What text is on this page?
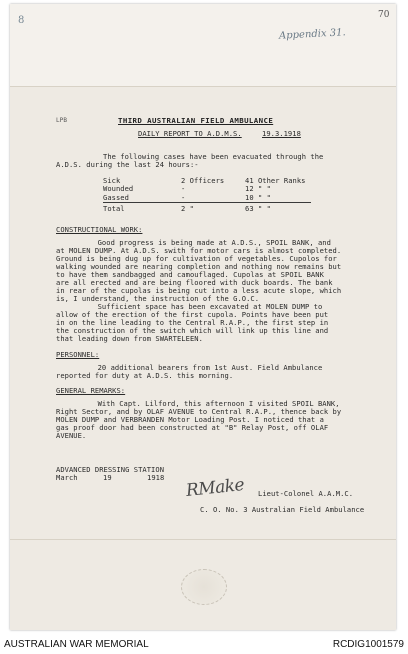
8	70

Appendix 31.

LPB	THIRD AUSTRALIAN FIELD AMBULANCE

DAILY REPORT TO A.D.M.S.	19.3.1918

The following cases have been evacuated through the

A.D.S. during the last 24 hours:-

Sick	2 Officers	41 Other Ranks

Wounded	-	12 " "

Gassed	-	10 " "

Total	2 "	63 " "

CONSTRUCTIONAL WORK:

Good progress is being made at A.D.S., SPOIL BANK, and

at MOLEN DUMP. At A.D.S. swith for motor cars is almost completed.

Ground is being dug up for cultivation of vegetables. Cupolos for

walking wounded are nearing completion and nothing now remains but

to have them sandbagged and camouflaged. Cupolas at SPOIL BANK

are all erected and are being floored with duck boards. The bank

in rear of the cupolas is being cut into a less acute slope, which

is, I understand, the instruction of the G.O.C.

Sufficient space has been excavated at MOLEN DUMP to

allow of the erection of the first cupola. Points have been put

in on the line leading to the Central R.A.P., the first step in

the construction of the switch which will link up this line and

that leading down from SWARTELEEN.

PERSONNEL:

20 additional bearers from 1st Aust. Field Ambulance

reported for duty at A.D.S. this morning.

GENERAL REMARKS:

With Capt. Lilford, this afternoon I visited SPOIL BANK,

Right Sector, and by OLAF AVENUE to Central R.A.P., thence back by

MOLEN DUMP and VERBRANDEN Motor Loading Post. I noticed that a

gas proof door had been constructed at "B" Relay Post, off OLAF

AVENUE.

ADVANCED DRESSING STATION

March	19	1918 RMake Lieut-Colonel A.A.M.C.

C. O. No. 3 Australian Field Ambulance

AUSTRALIAN WAR MEMORIAL	RCDIG1001579
